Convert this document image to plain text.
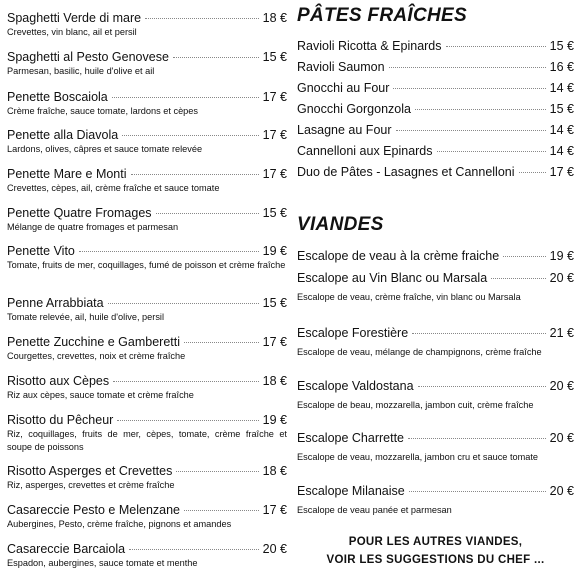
Spaghetti Verde di mare	18 €
Crevettes, vin blanc, ail et persil
Spaghetti al Pesto Genovese	15 €
Parmesan, basilic, huile d'olive et ail
Penette Boscaiola	17 €
Crème fraîche, sauce tomate, lardons et cèpes
Penette alla Diavola	17 €
Lardons, olives, câpres et sauce tomate relevée
Penette Mare e Monti	17 €
Crevettes, cèpes, ail, crème fraîche et sauce tomate
Penette Quatre Fromages	15 €
Mélange de quatre fromages et parmesan
Penette Vito	19 €
Tomate, fruits de mer, coquillages, fumé de poisson et crème fraîche
Penne Arrabbiata	15 €
Tomate relevée, ail, huile d'olive, persil
Penette Zucchine e Gamberetti	17 €
Courgettes, crevettes, noix et crème fraîche
Risotto aux Cèpes	18 €
Riz aux cèpes, sauce tomate et crème fraîche
Risotto du Pêcheur	19 €
Riz, coquillages, fruits de mer, cèpes, tomate, crème fraîche et soupe de poissons
Risotto Asperges et Crevettes	18 €
Riz, asperges, crevettes et crème fraîche
Casareccie Pesto e Melenzane	17 €
Aubergines, Pesto, crème fraîche, pignons et amandes
Casareccie Barcaiola	20 €
Espadon, aubergines, sauce tomate et menthe
PÂTES FRAÎCHES
Ravioli Ricotta & Epinards	15 €
Ravioli Saumon	16 €
Gnocchi au Four	14 €
Gnocchi Gorgonzola	15 €
Lasagne au Four	14 €
Cannelloni aux Epinards	14 €
Duo de Pâtes - Lasagnes et Cannelloni	17 €
VIANDES
Escalope de veau à la crème fraiche	19 €
Escalope au Vin Blanc ou Marsala	20 €
Escalope de veau, crème fraîche, vin blanc ou Marsala
Escalope Forestière	21 €
Escalope de veau, mélange de champignons, crème fraîche
Escalope Valdostana	20 €
Escalope de beau, mozzarella, jambon cuit, crème fraîche
Escalope Charrette	20 €
Escalope de veau, mozzarella, jambon cru et sauce tomate
Escalope Milanaise	20 €
Escalope de veau panée et parmesan
POUR LES AUTRES VIANDES,
VOIR LES SUGGESTIONS DU CHEF ...
